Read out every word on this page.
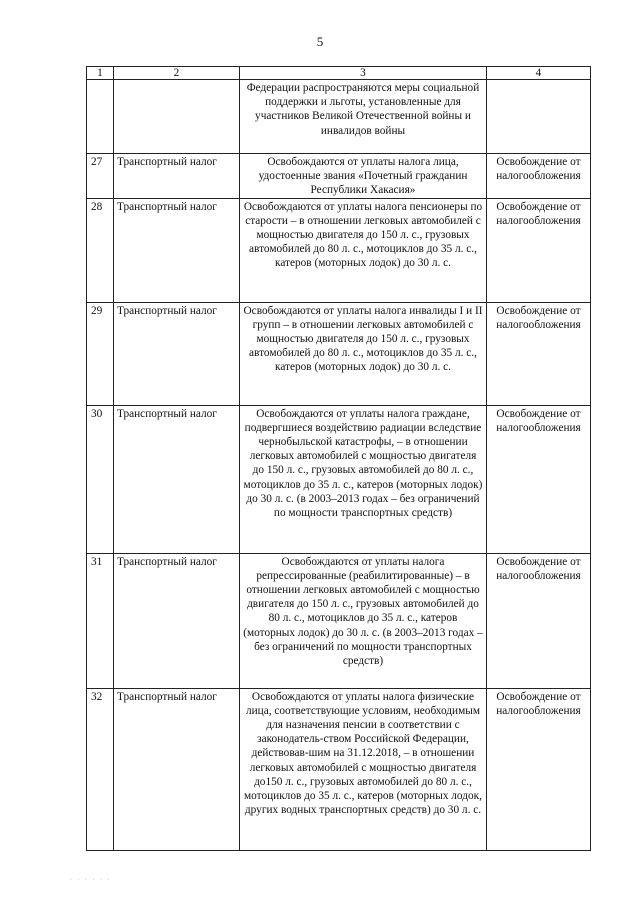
5
1	2	3	4
		Федерации распространяются меры социальной поддержки и льготы, установленные для участников Великой Отечественной войны и инвалидов войны	
27	Транспортный налог	Освобождаются от уплаты налога лица, удостоенные звания «Почетный гражданин Республики Хакасия»	Освобождение от налогообложения
28	Транспортный налог	Освобождаются от уплаты налога пенсионеры по старости – в отношении легковых автомобилей с мощностью двигателя до 150 л. с., грузовых автомобилей до 80 л. с., мотоциклов до 35 л. с., катеров (моторных лодок) до 30 л. с.	Освобождение от налогообложения
29	Транспортный налог	Освобождаются от уплаты налога инвалиды I и II групп – в отношении легковых автомобилей с мощностью двигателя до 150 л. с., грузовых автомобилей до 80 л. с., мотоциклов до 35 л. с., катеров (моторных лодок) до 30 л. с.	Освобождение от налогообложения
30	Транспортный налог	Освобождаются от уплаты налога граждане, подвергшиеся воздействию радиации вследствие чернобыльской катастрофы, – в отношении легковых автомобилей с мощностью двигателя до 150 л. с., грузовых автомобилей до 80 л. с., мотоциклов до 35 л. с., катеров (моторных лодок) до 30 л. с. (в 2003–2013 годах – без ограничений по мощности транспортных средств)	Освобождение от налогообложения
31	Транспортный налог	Освобождаются от уплаты налога репрессированные (реабилитированные) – в отношении легковых автомобилей с мощностью двигателя до 150 л. с., грузовых автомобилей до 80 л. с., мотоциклов до 35 л. с., катеров (моторных лодок) до 30 л. с. (в 2003–2013 годах – без ограничений по мощности транспортных средств)	Освобождение от налогообложения
32	Транспортный налог	Освобождаются от уплаты налога физические лица, соответствующие условиям, необходимым для назначения пенсии в соответствии с законодатель-ством Российской Федерации, действовав-шим на 31.12.2018, – в отношении легковых автомобилей с мощностью двигателя до150 л. с., грузовых автомобилей до 80 л. с., мотоциклов до 35 л. с., катеров (моторных лодок, других водных транспортных средств) до 30 л. с.	Освобождение от налогообложения
· · · · · ·
